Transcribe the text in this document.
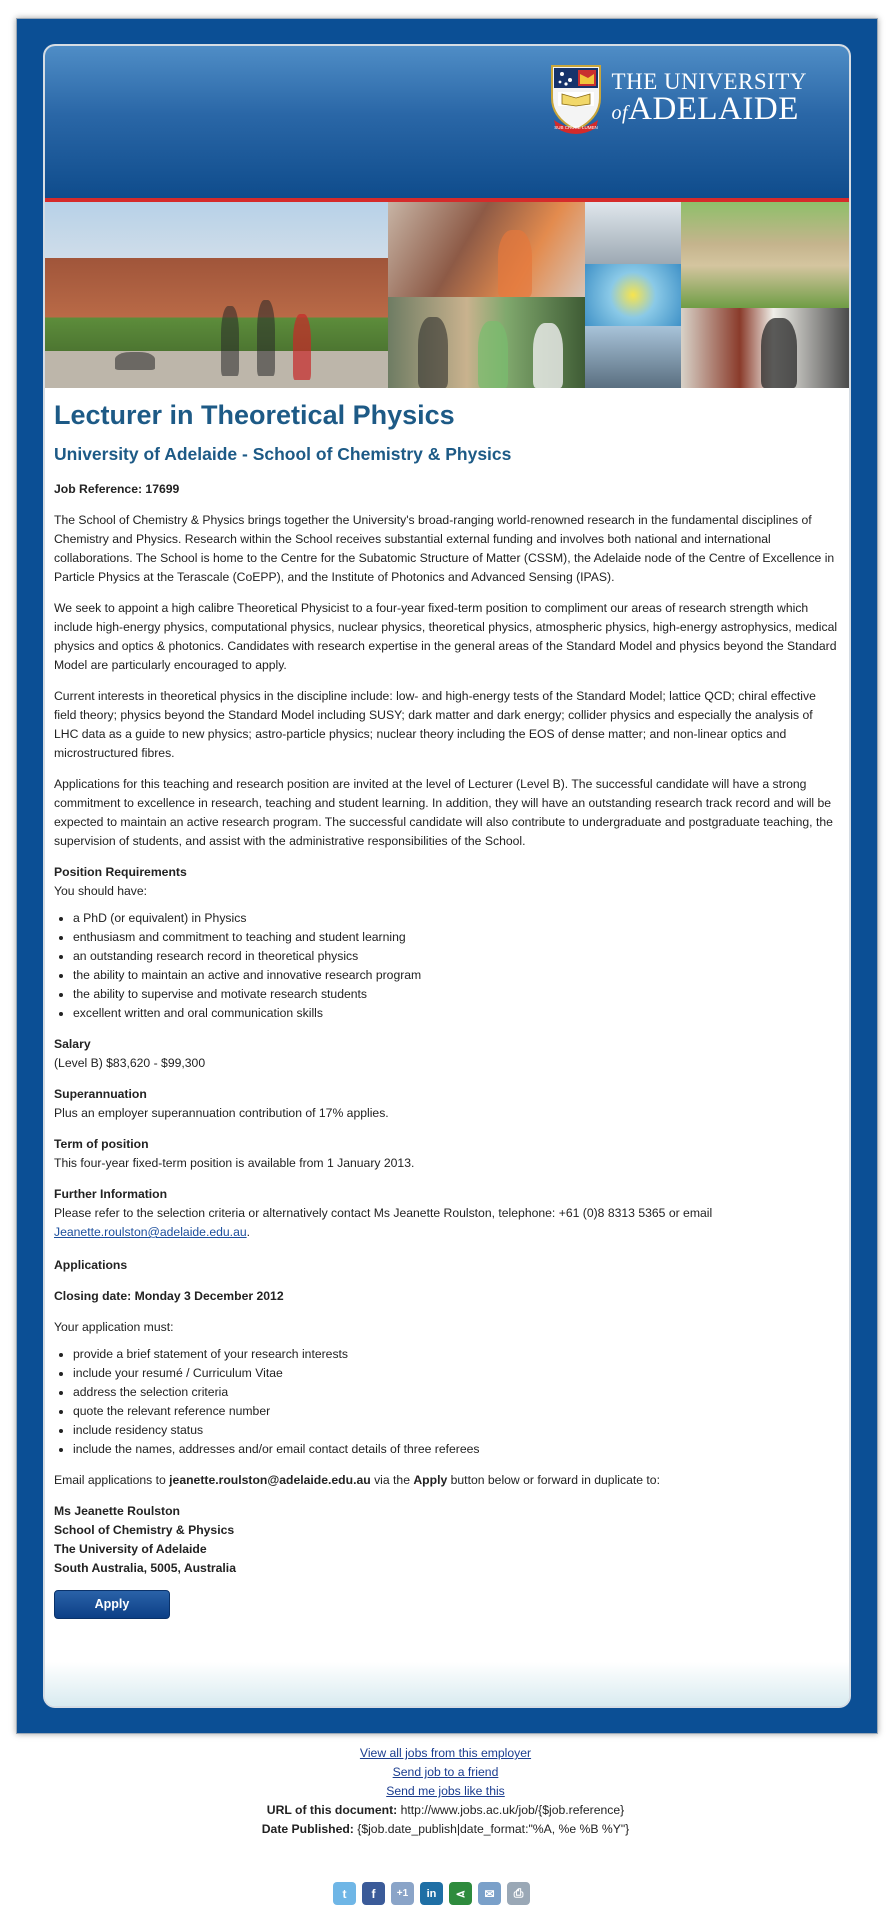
SUB CRUCE LUMEN
THE UNIVERSITY
ofADELAIDE
Lecturer in Theoretical Physics
University of Adelaide - School of Chemistry & Physics

Job Reference: 17699

The School of Chemistry & Physics brings together the University's broad-ranging world-renowned research in the fundamental disciplines of Chemistry and Physics. Research within the School receives substantial external funding and involves both national and international collaborations. The School is home to the Centre for the Subatomic Structure of Matter (CSSM), the Adelaide node of the Centre of Excellence in Particle Physics at the Terascale (CoEPP), and the Institute of Photonics and Advanced Sensing (IPAS).

We seek to appoint a high calibre Theoretical Physicist to a four-year fixed-term position to compliment our areas of research strength which include high-energy physics, computational physics, nuclear physics, theoretical physics, atmospheric physics, high-energy astrophysics, medical physics and optics & photonics. Candidates with research expertise in the general areas of the Standard Model and physics beyond the Standard Model are particularly encouraged to apply.

Current interests in theoretical physics in the discipline include: low- and high-energy tests of the Standard Model; lattice QCD; chiral effective field theory; physics beyond the Standard Model including SUSY; dark matter and dark energy; collider physics and especially the analysis of LHC data as a guide to new physics; astro-particle physics; nuclear theory including the EOS of dense matter; and non-linear optics and microstructured fibres.

Applications for this teaching and research position are invited at the level of Lecturer (Level B). The successful candidate will have a strong commitment to excellence in research, teaching and student learning. In addition, they will have an outstanding research track record and will be expected to maintain an active research program. The successful candidate will also contribute to undergraduate and postgraduate teaching, the supervision of students, and assist with the administrative responsibilities of the School.

Position Requirements
You should have:
• a PhD (or equivalent) in Physics
• enthusiasm and commitment to teaching and student learning
• an outstanding research record in theoretical physics
• the ability to maintain an active and innovative research program
• the ability to supervise and motivate research students
• excellent written and oral communication skills
Salary
(Level B) $83,620 - $99,300
Superannuation
Plus an employer superannuation contribution of 17% applies.
Term of position
This four-year fixed-term position is available from 1 January 2013.
Further Information
Please refer to the selection criteria or alternatively contact Ms Jeanette Roulston, telephone: +61 (0)8 8313 5365 or email
Jeanette.roulston@adelaide.edu.au.

Applications

Closing date: Monday 3 December 2012

Your application must:

• provide a brief statement of your research interests
• include your resumé / Curriculum Vitae
• address the selection criteria
• quote the relevant reference number
• include residency status
• include the names, addresses and/or email contact details of three referees

Email applications to jeanette.roulston@adelaide.edu.au via the Apply button below or forward in duplicate to:

Ms Jeanette Roulston
School of Chemistry & Physics
The University of Adelaide
South Australia, 5005, Australia

Apply
View all jobs from this employer
Send job to a friend
Send me jobs like this
URL of this document: http://www.jobs.ac.uk/job/{$job.reference}
Date Published: {$job.date_publish|date_format:"%A, %e %B %Y"}
t	f	+1	in	⋖	✉	⎙
